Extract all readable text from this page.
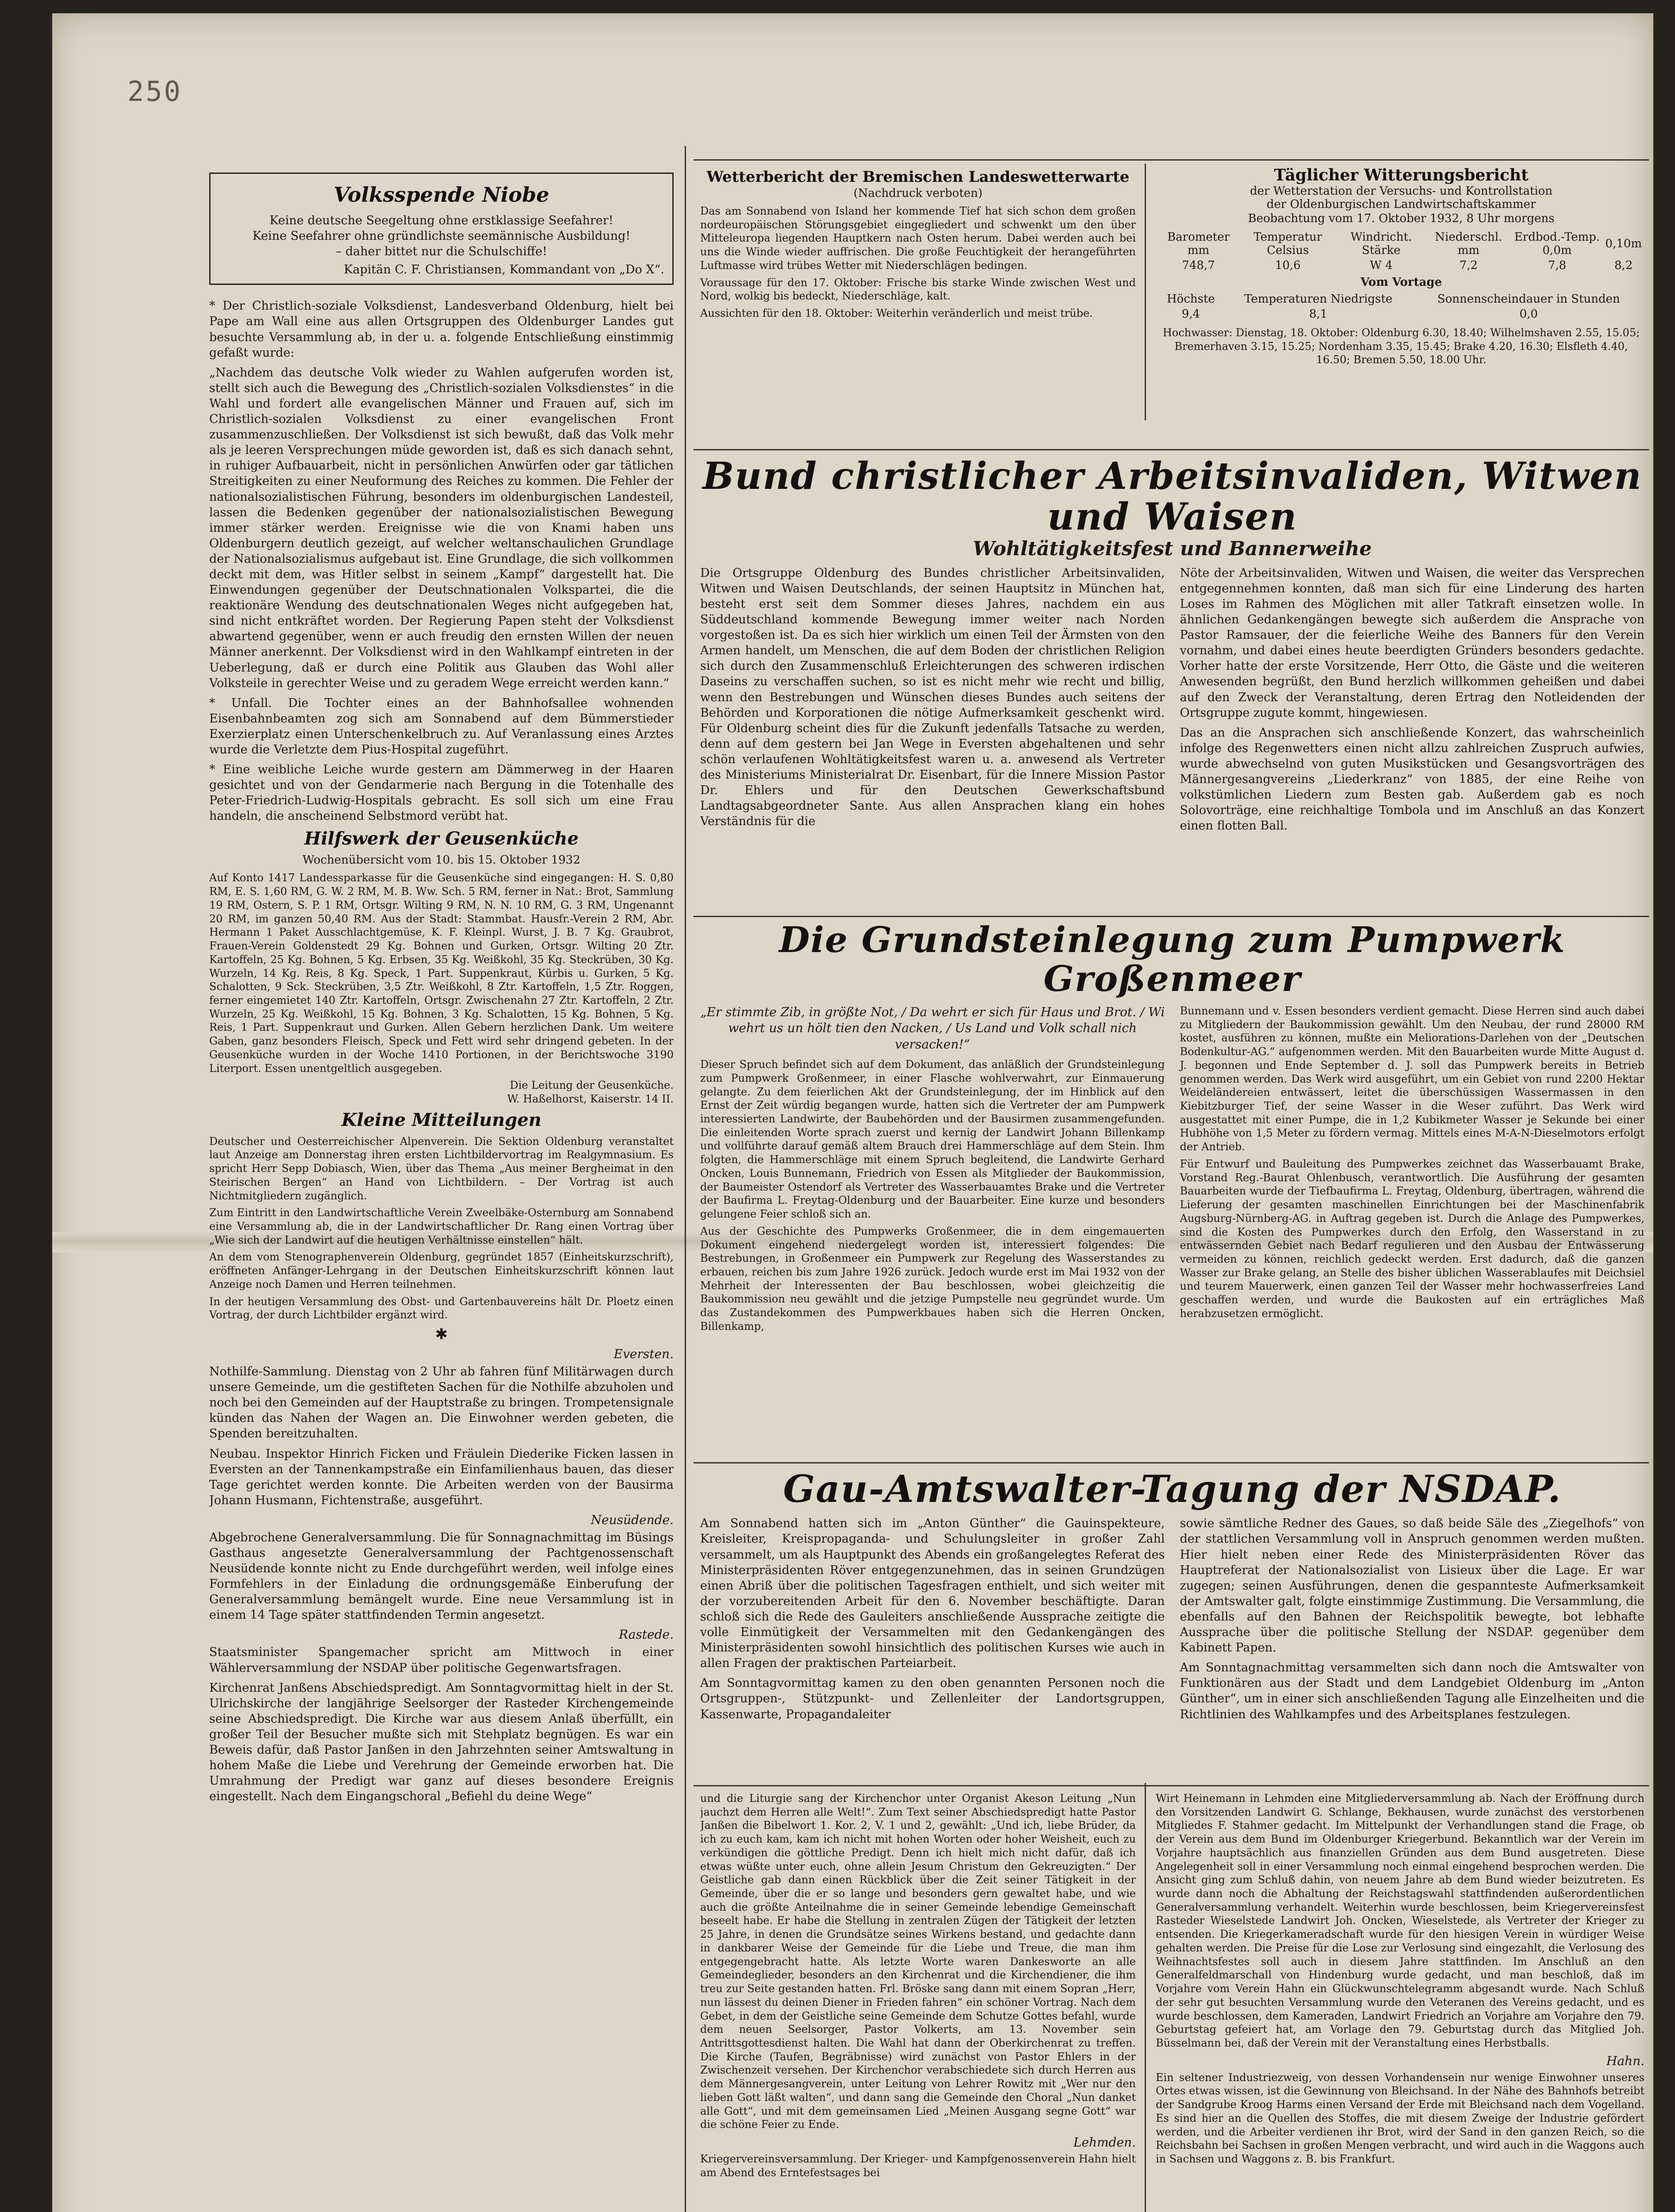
250
Volksspende Niobe
Keine deutsche Seegeltung ohne erstklassige Seefahrer!
Keine Seefahrer ohne gründlichste seemännische Ausbildung!
– daher bittet nur die Schulschiffe!
Kapitän C. F. Christiansen, Kommandant von „Do X“.

* Der Christlich-soziale Volksdienst, Landesverband Oldenburg, hielt bei Pape am Wall eine aus allen Ortsgruppen des Oldenburger Landes gut besuchte Versammlung ab, in der u. a. folgende Entschließung einstimmig gefaßt wurde:

„Nachdem das deutsche Volk wieder zu Wahlen aufgerufen worden ist, stellt sich auch die Bewegung des „Christlich-sozialen Volksdienstes“ in die Wahl und fordert alle evangelischen Männer und Frauen auf, sich im Christlich-sozialen Volksdienst zu einer evangelischen Front zusammenzuschließen. Der Volksdienst ist sich bewußt, daß das Volk mehr als je leeren Versprechungen müde geworden ist, daß es sich danach sehnt, in ruhiger Aufbauarbeit, nicht in persönlichen Anwürfen oder gar tätlichen Streitigkeiten zu einer Neuformung des Reiches zu kommen. Die Fehler der nationalsozialistischen Führung, besonders im oldenburgischen Landesteil, lassen die Bedenken gegenüber der nationalsozialistischen Bewegung immer stärker werden. Ereignisse wie die von Knami haben uns Oldenburgern deutlich gezeigt, auf welcher weltanschaulichen Grundlage der Nationalsozialismus aufgebaut ist. Eine Grundlage, die sich vollkommen deckt mit dem, was Hitler selbst in seinem „Kampf“ dargestellt hat. Die Einwendungen gegenüber der Deutschnationalen Volkspartei, die die reaktionäre Wendung des deutschnationalen Weges nicht aufgegeben hat, sind nicht entkräftet worden. Der Regierung Papen steht der Volksdienst abwartend gegenüber, wenn er auch freudig den ernsten Willen der neuen Männer anerkennt. Der Volksdienst wird in den Wahlkampf eintreten in der Ueberlegung, daß er durch eine Politik aus Glauben das Wohl aller Volksteile in gerechter Weise und zu geradem Wege erreicht werden kann.“

* Unfall. Die Tochter eines an der Bahnhofsallee wohnenden Eisenbahnbeamten zog sich am Sonnabend auf dem Bümmerstieder Exerzierplatz einen Unterschenkelbruch zu. Auf Veranlassung eines Arztes wurde die Verletzte dem Pius-Hospital zugeführt.

* Eine weibliche Leiche wurde gestern am Dämmerweg in der Haaren gesichtet und von der Gendarmerie nach Bergung in die Totenhalle des Peter-Friedrich-Ludwig-Hospitals gebracht. Es soll sich um eine Frau handeln, die anscheinend Selbstmord verübt hat.

Hilfswerk der Geusenküche
Wochenübersicht vom 10. bis 15. Oktober 1932

Auf Konto 1417 Landessparkasse für die Geusenküche sind eingegangen: H. S. 0,80 RM, E. S. 1,60 RM, G. W. 2 RM, M. B. Ww. Sch. 5 RM, ferner in Nat.: Brot, Sammlung 19 RM, Ostern, S. P. 1 RM, Ortsgr. Wilting 9 RM, N. N. 10 RM, G. 3 RM, Ungenannt 20 RM, im ganzen 50,40 RM. Aus der Stadt: Stammbat. Hausfr.-Verein 2 RM, Abr. Hermann 1 Paket Ausschlachtgemüse, K. F. Kleinpl. Wurst, J. B. 7 Kg. Graubrot, Frauen-Verein Goldenstedt 29 Kg. Bohnen und Gurken, Ortsgr. Wilting 20 Ztr. Kartoffeln, 25 Kg. Bohnen, 5 Kg. Erbsen, 35 Kg. Weißkohl, 35 Kg. Steckrüben, 30 Kg. Wurzeln, 14 Kg. Reis, 8 Kg. Speck, 1 Part. Suppenkraut, Kürbis u. Gurken, 5 Kg. Schalotten, 9 Sck. Steckrüben, 3,5 Ztr. Weißkohl, 8 Ztr. Kartoffeln, 1,5 Ztr. Roggen, ferner eingemietet 140 Ztr. Kartoffeln, Ortsgr. Zwischenahn 27 Ztr. Kartoffeln, 2 Ztr. Wurzeln, 25 Kg. Weißkohl, 15 Kg. Bohnen, 3 Kg. Schalotten, 15 Kg. Bohnen, 5 Kg. Reis, 1 Part. Suppenkraut und Gurken. Allen Gebern herzlichen Dank. Um weitere Gaben, ganz besonders Fleisch, Speck und Fett wird sehr dringend gebeten. In der Geusenküche wurden in der Woche 1410 Portionen, in der Berichtswoche 3190 Literport. Essen unentgeltlich ausgegeben.

Die Leitung der Geusenküche.
W. Haßelhorst, Kaiserstr. 14 II.
Kleine Mitteilungen

Deutscher und Oesterreichischer Alpenverein. Die Sektion Oldenburg veranstaltet laut Anzeige am Donnerstag ihren ersten Lichtbildervortrag im Realgymnasium. Es spricht Herr Sepp Dobiasch, Wien, über das Thema „Aus meiner Bergheimat in den Steirischen Bergen“ an Hand von Lichtbildern. – Der Vortrag ist auch Nichtmitgliedern zugänglich.

Zum Eintritt in den Landwirtschaftliche Verein Zweelbäke-Osternburg am Sonnabend eine Versammlung ab, die in der Landwirtschaftlicher Dr. Rang einen Vortrag über „Wie sich der Landwirt auf die heutigen Verhältnisse einstellen“ hält.

An dem vom Stenographenverein Oldenburg, gegründet 1857 (Einheitskurzschrift), eröffneten Anfänger-Lehrgang in der Deutschen Einheitskurzschrift können laut Anzeige noch Damen und Herren teilnehmen.

In der heutigen Versammlung des Obst- und Gartenbauvereins hält Dr. Ploetz einen Vortrag, der durch Lichtbilder ergänzt wird.

✱
Eversten.

Nothilfe-Sammlung. Dienstag von 2 Uhr ab fahren fünf Militärwagen durch unsere Gemeinde, um die gestifteten Sachen für die Nothilfe abzuholen und noch bei den Gemeinden auf der Hauptstraße zu bringen. Trompetensignale künden das Nahen der Wagen an. Die Einwohner werden gebeten, die Spenden bereitzuhalten.

Neubau. Inspektor Hinrich Ficken und Fräulein Diederike Ficken lassen in Eversten an der Tannenkampstraße ein Einfamilienhaus bauen, das dieser Tage gerichtet werden konnte. Die Arbeiten werden von der Bausirma Johann Husmann, Fichtenstraße, ausgeführt.

Neusüdende.

Abgebrochene Generalversammlung. Die für Sonnagnachmittag im Büsings Gasthaus angesetzte Generalversammlung der Pachtgenossenschaft Neusüdende konnte nicht zu Ende durchgeführt werden, weil infolge eines Formfehlers in der Einladung die ordnungsgemäße Einberufung der Generalversammlung bemängelt wurde. Eine neue Versammlung ist in einem 14 Tage später stattfindenden Termin angesetzt.

Rastede.

Staatsminister Spangemacher spricht am Mittwoch in einer Wählerversammlung der NSDAP über politische Gegenwartsfragen.

Kirchenrat Janßens Abschiedspredigt. Am Sonntagvormittag hielt in der St. Ulrichskirche der langjährige Seelsorger der Rasteder Kirchengemeinde seine Abschiedspredigt. Die Kirche war aus diesem Anlaß überfüllt, ein großer Teil der Besucher mußte sich mit Stehplatz begnügen. Es war ein Beweis dafür, daß Pastor Janßen in den Jahrzehnten seiner Amtswaltung in hohem Maße die Liebe und Verehrung der Gemeinde erworben hat. Die Umrahmung der Predigt war ganz auf dieses besondere Ereignis eingestellt. Nach dem Eingangschoral „Befiehl du deine Wege“

Wetterbericht der Bremischen Landeswetterwarte
(Nachdruck verboten)

Das am Sonnabend von Island her kommende Tief hat sich schon dem großen nordeuropäischen Störungsgebiet eingegliedert und schwenkt um den über Mitteleuropa liegenden Hauptkern nach Osten herum. Dabei werden auch bei uns die Winde wieder auffrischen. Die große Feuchtigkeit der herangeführten Luftmasse wird trübes Wetter mit Niederschlägen bedingen.

Voraussage für den 17. Oktober: Frische bis starke Winde zwischen West und Nord, wolkig bis bedeckt, Niederschläge, kalt.

Aussichten für den 18. Oktober: Weiterhin veränderlich und meist trübe.

Täglicher Witterungsbericht
der Wetterstation der Versuchs- und Kontrollstation
der Oldenburgischen Landwirtschaftskammer
Beobachtung vom 17. Oktober 1932, 8 Uhr morgens
Barometer mm	Temperatur Celsius	Windricht. Stärke	Niederschl. mm	Erdbod.-Temp. 0,0m	0,10m
748,7	10,6	W 4	7,2	7,8	8,2
Vom Vortage
Höchste	Temperaturen Niedrigste	Sonnenscheindauer in Stunden
9,4	8,1	0,0

Hochwasser: Dienstag, 18. Oktober: Oldenburg 6.30, 18.40; Wilhelmshaven 2.55, 15.05; Bremerhaven 3.15, 15.25; Nordenham 3.35, 15.45; Brake 4.20, 16.30; Elsfleth 4.40, 16.50; Bremen 5.50, 18.00 Uhr.

Bund christlicher Arbeitsinvaliden, Witwen und Waisen
Wohltätigkeitsfest und Bannerweihe

Die Ortsgruppe Oldenburg des Bundes christlicher Arbeitsinvaliden, Witwen und Waisen Deutschlands, der seinen Hauptsitz in München hat, besteht erst seit dem Sommer dieses Jahres, nachdem ein aus Süddeutschland kommende Bewegung immer weiter nach Norden vorgestoßen ist. Da es sich hier wirklich um einen Teil der Ärmsten von den Armen handelt, um Menschen, die auf dem Boden der christlichen Religion sich durch den Zusammenschluß Erleichterungen des schweren irdischen Daseins zu verschaffen suchen, so ist es nicht mehr wie recht und billig, wenn den Bestrebungen und Wünschen dieses Bundes auch seitens der Behörden und Korporationen die nötige Aufmerksamkeit geschenkt wird. Für Oldenburg scheint dies für die Zukunft jedenfalls Tatsache zu werden, denn auf dem gestern bei Jan Wege in Eversten abgehaltenen und sehr schön verlaufenen Wohltätigkeitsfest waren u. a. anwesend als Vertreter des Ministeriums Ministerialrat Dr. Eisenbart, für die Innere Mission Pastor Dr. Ehlers und für den Deutschen Gewerkschaftsbund Landtagsabgeordneter Sante. Aus allen Ansprachen klang ein hohes Verständnis für die

Nöte der Arbeitsinvaliden, Witwen und Waisen, die weiter das Versprechen entgegennehmen konnten, daß man sich für eine Linderung des harten Loses im Rahmen des Möglichen mit aller Tatkraft einsetzen wolle. In ähnlichen Gedankengängen bewegte sich außerdem die Ansprache von Pastor Ramsauer, der die feierliche Weihe des Banners für den Verein vornahm, und dabei eines heute beerdigten Gründers besonders gedachte. Vorher hatte der erste Vorsitzende, Herr Otto, die Gäste und die weiteren Anwesenden begrüßt, den Bund herzlich willkommen geheißen und dabei auf den Zweck der Veranstaltung, deren Ertrag den Notleidenden der Ortsgruppe zugute kommt, hingewiesen.

Das an die Ansprachen sich anschließende Konzert, das wahrscheinlich infolge des Regenwetters einen nicht allzu zahlreichen Zuspruch aufwies, wurde abwechselnd von guten Musikstücken und Gesangsvorträgen des Männergesangvereins „Liederkranz“ von 1885, der eine Reihe von volkstümlichen Liedern zum Besten gab. Außerdem gab es noch Solovorträge, eine reichhaltige Tombola und im Anschluß an das Konzert einen flotten Ball.

Die Grundsteinlegung zum Pumpwerk Großenmeer
„Er stimmte Zib, in größte Not, / Da wehrt er sich für Haus und Brot. / Wi wehrt us un hölt tien den Nacken, / Us Land und Volk schall nich versacken!“

Dieser Spruch befindet sich auf dem Dokument, das anläßlich der Grundsteinlegung zum Pumpwerk Großenmeer, in einer Flasche wohlverwahrt, zur Einmauerung gelangte. Zu dem feierlichen Akt der Grundsteinlegung, der im Hinblick auf den Ernst der Zeit würdig begangen wurde, hatten sich die Vertreter der am Pumpwerk interessierten Landwirte, der Baubehörden und der Bausirmen zusammengefunden. Die einleitenden Worte sprach zuerst und kernig der Landwirt Johann Billenkamp und vollführte darauf gemäß altem Brauch drei Hammerschläge auf dem Stein. Ihm folgten, die Hammerschläge mit einem Spruch begleitend, die Landwirte Gerhard Oncken, Louis Bunnemann, Friedrich von Essen als Mitglieder der Baukommission, der Baumeister Ostendorf als Vertreter des Wasserbauamtes Brake und die Vertreter der Baufirma L. Freytag-Oldenburg und der Bauarbeiter. Eine kurze und besonders gelungene Feier schloß sich an.

Aus der Geschichte des Pumpwerks Großenmeer, die in dem eingemauerten Dokument eingehend niedergelegt worden ist, interessiert folgendes: Die Bestrebungen, in Großenmeer ein Pumpwerk zur Regelung des Wasserstandes zu erbauen, reichen bis zum Jahre 1926 zurück. Jedoch wurde erst im Mai 1932 von der Mehrheit der Interessenten der Bau beschlossen, wobei gleichzeitig die Baukommission neu gewählt und die jetzige Pumpstelle neu gegründet wurde. Um das Zustandekommen des Pumpwerkbaues haben sich die Herren Oncken, Billenkamp,

Bunnemann und v. Essen besonders verdient gemacht. Diese Herren sind auch dabei zu Mitgliedern der Baukommission gewählt. Um den Neubau, der rund 28000 RM kostet, ausführen zu können, mußte ein Meliorations-Darlehen von der „Deutschen Bodenkultur-AG.“ aufgenommen werden. Mit den Bauarbeiten wurde Mitte August d. J. begonnen und Ende September d. J. soll das Pumpwerk bereits in Betrieb genommen werden. Das Werk wird ausgeführt, um ein Gebiet von rund 2200 Hektar Weideländereien entwässert, leitet die überschüssigen Wassermassen in den Kiebitzburger Tief, der seine Wasser in die Weser zuführt. Das Werk wird ausgestattet mit einer Pumpe, die in 1,2 Kubikmeter Wasser je Sekunde bei einer Hubhöhe von 1,5 Meter zu fördern vermag. Mittels eines M-A-N-Dieselmotors erfolgt der Antrieb.

Für Entwurf und Bauleitung des Pumpwerkes zeichnet das Wasserbauamt Brake, Vorstand Reg.-Baurat Ohlenbusch, verantwortlich. Die Ausführung der gesamten Bauarbeiten wurde der Tiefbaufirma L. Freytag, Oldenburg, übertragen, während die Lieferung der gesamten maschinellen Einrichtungen bei der Maschinenfabrik Augsburg-Nürnberg-AG. in Auftrag gegeben ist. Durch die Anlage des Pumpwerkes, sind die Kosten des Pumpwerkes durch den Erfolg, den Wasserstand in zu entwässernden Gebiet nach Bedarf regulieren und den Ausbau der Entwässerung vermeiden zu können, reichlich gedeckt werden. Erst dadurch, daß die ganzen Wasser zur Brake gelang, an Stelle des bisher üblichen Wasserablaufes mit Deichsiel und teurem Mauerwerk, einen ganzen Teil der Wasser mehr hochwasserfreies Land geschaffen werden, und wurde die Baukosten auf ein erträgliches Maß herabzusetzen ermöglicht.

Gau-Amtswalter-Tagung der NSDAP.

Am Sonnabend hatten sich im „Anton Günther“ die Gauinspekteure, Kreisleiter, Kreispropaganda- und Schulungsleiter in großer Zahl versammelt, um als Hauptpunkt des Abends ein großangelegtes Referat des Ministerpräsidenten Röver entgegenzunehmen, das in seinen Grundzügen einen Abriß über die politischen Tagesfragen enthielt, und sich weiter mit der vorzubereitenden Arbeit für den 6. November beschäftigte. Daran schloß sich die Rede des Gauleiters anschließende Aussprache zeitigte die volle Einmütigkeit der Versammelten mit den Gedankengängen des Ministerpräsidenten sowohl hinsichtlich des politischen Kurses wie auch in allen Fragen der praktischen Parteiarbeit.

Am Sonntagvormittag kamen zu den oben genannten Personen noch die Ortsgruppen-, Stützpunkt- und Zellenleiter der Landortsgruppen, Kassenwarte, Propagandaleiter

sowie sämtliche Redner des Gaues, so daß beide Säle des „Ziegelhofs“ von der stattlichen Versammlung voll in Anspruch genommen werden mußten. Hier hielt neben einer Rede des Ministerpräsidenten Röver das Hauptreferat der Nationalsozialist von Lisieux über die Lage. Er war zugegen; seinen Ausführungen, denen die gespannteste Aufmerksamkeit der Amtswalter galt, folgte einstimmige Zustimmung. Die Versammlung, die ebenfalls auf den Bahnen der Reichspolitik bewegte, bot lebhafte Aussprache über die politische Stellung der NSDAP. gegenüber dem Kabinett Papen.

Am Sonntagnachmittag versammelten sich dann noch die Amtswalter von Funktionären aus der Stadt und dem Landgebiet Oldenburg im „Anton Günther“, um in einer sich anschließenden Tagung alle Einzelheiten und die Richtlinien des Wahlkampfes und des Arbeitsplanes festzulegen.

und die Liturgie sang der Kirchenchor unter Organist Akeson Leitung „Nun jauchzt dem Herren alle Welt!“. Zum Text seiner Abschiedspredigt hatte Pastor Janßen die Bibelwort 1. Kor. 2, V. 1 und 2, gewählt: „Und ich, liebe Brüder, da ich zu euch kam, kam ich nicht mit hohen Worten oder hoher Weisheit, euch zu verkündigen die göttliche Predigt. Denn ich hielt mich nicht dafür, daß ich etwas wüßte unter euch, ohne allein Jesum Christum den Gekreuzigten.“ Der Geistliche gab dann einen Rückblick über die Zeit seiner Tätigkeit in der Gemeinde, über die er so lange und besonders gern gewaltet habe, und wie auch die größte Anteilnahme die in seiner Gemeinde lebendige Gemeinschaft beseelt habe. Er habe die Stellung in zentralen Zügen der Tätigkeit der letzten 25 Jahre, in denen die Grundsätze seines Wirkens bestand, und gedachte dann in dankbarer Weise der Gemeinde für die Liebe und Treue, die man ihm entgegengebracht hatte. Als letzte Worte waren Dankesworte an alle Gemeindeglieder, besonders an den Kirchenrat und die Kirchendiener, die ihm treu zur Seite gestanden hatten. Frl. Bröske sang dann mit einem Sopran „Herr, nun lässest du deinen Diener in Frieden fahren“ ein schöner Vortrag. Nach dem Gebet, in dem der Geistliche seine Gemeinde dem Schutze Gottes befahl, wurde dem neuen Seelsorger, Pastor Volkerts, am 13. November sein Antrittsgottesdienst halten. Die Wahl hat dann der Oberkirchenrat zu treffen. Die Kirche (Taufen, Begräbnisse) wird zunächst von Pastor Ehlers in der Zwischenzeit versehen. Der Kirchenchor verabschiedete sich durch Herren aus dem Männergesangverein, unter Leitung von Lehrer Rowitz mit „Wer nur den lieben Gott läßt walten“, und dann sang die Gemeinde den Choral „Nun danket alle Gott“, und mit dem gemeinsamen Lied „Meinen Ausgang segne Gott“ war die schöne Feier zu Ende.

Lehmden.

Kriegervereinsversammlung. Der Krieger- und Kampfgenossenverein Hahn hielt am Abend des Erntefestsages bei

Wirt Heinemann in Lehmden eine Mitgliederversammlung ab. Nach der Eröffnung durch den Vorsitzenden Landwirt G. Schlange, Bekhausen, wurde zunächst des verstorbenen Mitgliedes F. Stahmer gedacht. Im Mittelpunkt der Verhandlungen stand die Frage, ob der Verein aus dem Bund im Oldenburger Kriegerbund. Bekanntlich war der Verein im Vorjahre hauptsächlich aus finanziellen Gründen aus dem Bund ausgetreten. Diese Angelegenheit soll in einer Versammlung noch einmal eingehend besprochen werden. Die Ansicht ging zum Schluß dahin, von neuem Jahre ab dem Bund wieder beizutreten. Es wurde dann noch die Abhaltung der Reichstagswahl stattfindenden außerordentlichen Generalversammlung verhandelt. Weiterhin wurde beschlossen, beim Kriegervereinsfest Rasteder Wieselstede Landwirt Joh. Oncken, Wieselstede, als Vertreter der Krieger zu entsenden. Die Kriegerkameradschaft wurde für den hiesigen Verein in würdiger Weise gehalten werden. Die Preise für die Lose zur Verlosung sind eingezahlt, die Verlosung des Weihnachtsfestes soll auch in diesem Jahre stattfinden. Im Anschluß an den Generalfeldmarschall von Hindenburg wurde gedacht, und man beschloß, daß im Vorjahre vom Verein Hahn ein Glückwunschtelegramm abgesandt wurde. Nach Schluß der sehr gut besuchten Versammlung wurde den Veteranen des Vereins gedacht, und es wurde beschlossen, dem Kameraden, Landwirt Friedrich an Vorjahre am Vorjahre den 79. Geburtstag gefeiert hat, am Vorlage den 79. Geburtstag durch das Mitglied Joh. Büsselmann bei, daß der Verein mit der Veranstaltung eines Herbstballs.

Hahn.

Ein seltener Industriezweig, von dessen Vorhandensein nur wenige Einwohner unseres Ortes etwas wissen, ist die Gewinnung von Bleichsand. In der Nähe des Bahnhofs betreibt der Sandgrube Kroog Harms einen Versand der Erde mit Bleichsand nach dem Vogelland. Es sind hier an die Quellen des Stoffes, die mit diesem Zweige der Industrie gefördert werden, und die Arbeiter verdienen ihr Brot, wird der Sand in den ganzen Reich, so die Reichsbahn bei Sachsen in großen Mengen verbracht, und wird auch in die Waggons auch in Sachsen und Waggons z. B. bis Frankfurt.
